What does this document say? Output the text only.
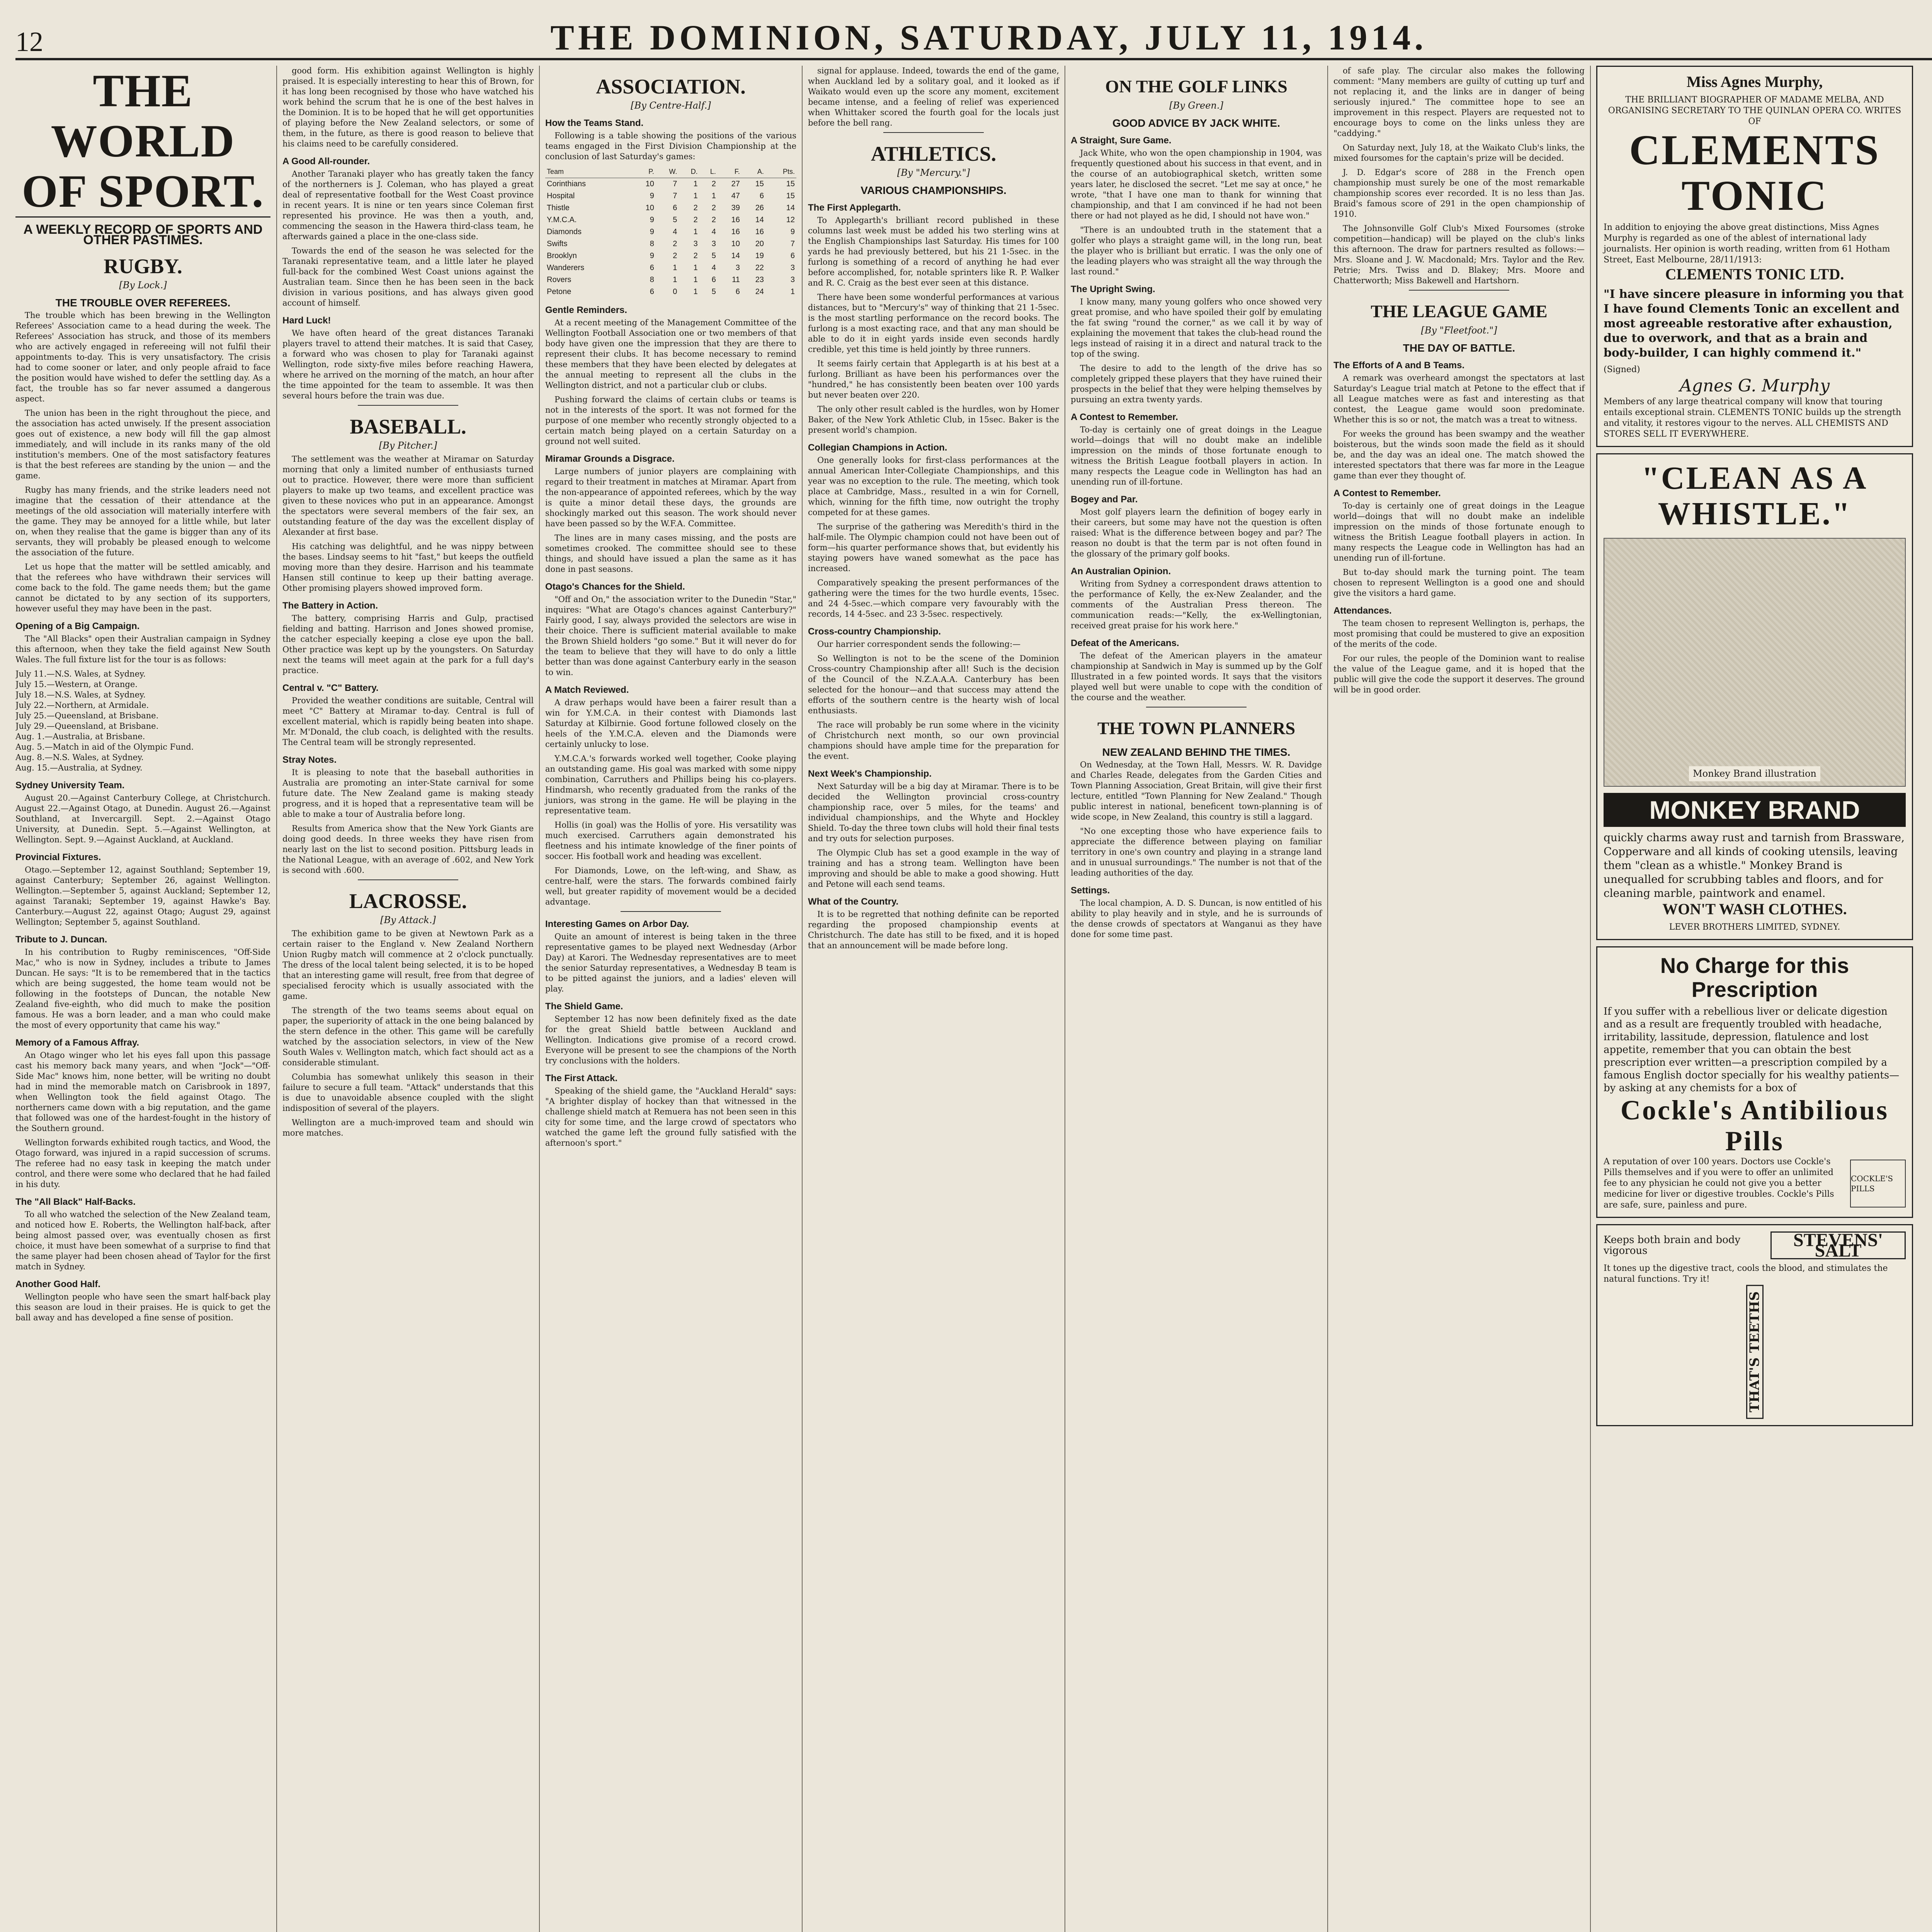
12	THE DOMINION, SATURDAY, JULY 11, 1914.
THE WORLD OF SPORT.
A WEEKLY RECORD OF SPORTS AND OTHER PASTIMES.
RUGBY.
[By Lock.]
THE TROUBLE OVER REFEREES.

The trouble which has been brewing in the Wellington Referees' Association came to a head during the week. The Referees' Association has struck, and those of its members who are actively engaged in refereeing will not fulfil their appointments to-day. This is very unsatisfactory. The crisis had to come sooner or later, and only people afraid to face the position would have wished to defer the settling day. As a fact, the trouble has so far never assumed a dangerous aspect.

The union has been in the right throughout the piece, and the association has acted unwisely. If the present association goes out of existence, a new body will fill the gap almost immediately, and will include in its ranks many of the old institution's members. One of the most satisfactory features is that the best referees are standing by the union — and the game.

Rugby has many friends, and the strike leaders need not imagine that the cessation of their attendance at the meetings of the old association will materially interfere with the game. They may be annoyed for a little while, but later on, when they realise that the game is bigger than any of its servants, they will probably be pleased enough to welcome the association of the future.

Let us hope that the matter will be settled amicably, and that the referees who have withdrawn their services will come back to the fold. The game needs them; but the game cannot be dictated to by any section of its supporters, however useful they may have been in the past.

Opening of a Big Campaign.

The "All Blacks" open their Australian campaign in Sydney this afternoon, when they take the field against New South Wales. The full fixture list for the tour is as follows:

July 11.—N.S. Wales, at Sydney.
July 15.—Western, at Orange.
July 18.—N.S. Wales, at Sydney.
July 22.—Northern, at Armidale.
July 25.—Queensland, at Brisbane.
July 29.—Queensland, at Brisbane.
Aug. 1.—Australia, at Brisbane.
Aug. 5.—Match in aid of the Olympic Fund.
Aug. 8.—N.S. Wales, at Sydney.
Aug. 15.—Australia, at Sydney.
Sydney University Team.

August 20.—Against Canterbury College, at Christchurch. August 22.—Against Otago, at Dunedin. August 26.—Against Southland, at Invercargill. Sept. 2.—Against Otago University, at Dunedin. Sept. 5.—Against Wellington, at Wellington. Sept. 9.—Against Auckland, at Auckland.

Provincial Fixtures.

Otago.—September 12, against Southland; September 19, against Canterbury; September 26, against Wellington. Wellington.—September 5, against Auckland; September 12, against Taranaki; September 19, against Hawke's Bay. Canterbury.—August 22, against Otago; August 29, against Wellington; September 5, against Southland.

Tribute to J. Duncan.

In his contribution to Rugby reminiscences, "Off-Side Mac," who is now in Sydney, includes a tribute to James Duncan. He says: "It is to be remembered that in the tactics which are being suggested, the home team would not be following in the footsteps of Duncan, the notable New Zealand five-eighth, who did much to make the position famous. He was a born leader, and a man who could make the most of every opportunity that came his way."

Memory of a Famous Affray.

An Otago winger who let his eyes fall upon this passage cast his memory back many years, and when "Jock"—"Off-Side Mac" knows him, none better, will be writing no doubt had in mind the memorable match on Carisbrook in 1897, when Wellington took the field against Otago. The northerners came down with a big reputation, and the game that followed was one of the hardest-fought in the history of the Southern ground.

Wellington forwards exhibited rough tactics, and Wood, the Otago forward, was injured in a rapid succession of scrums. The referee had no easy task in keeping the match under control, and there were some who declared that he had failed in his duty.

The "All Black" Half-Backs.

To all who watched the selection of the New Zealand team, and noticed how E. Roberts, the Wellington half-back, after being almost passed over, was eventually chosen as first choice, it must have been somewhat of a surprise to find that the same player had been chosen ahead of Taylor for the first match in Sydney.

Another Good Half.

Wellington people who have seen the smart half-back play this season are loud in their praises. He is quick to get the ball away and has developed a fine sense of position.

good form. His exhibition against Wellington is highly praised. It is especially interesting to hear this of Brown, for it has long been recognised by those who have watched his work behind the scrum that he is one of the best halves in the Dominion. It is to be hoped that he will get opportunities of playing before the New Zealand selectors, or some of them, in the future, as there is good reason to believe that his claims need to be carefully considered.

A Good All-rounder.

Another Taranaki player who has greatly taken the fancy of the northerners is J. Coleman, who has played a great deal of representative football for the West Coast province in recent years. It is nine or ten years since Coleman first represented his province. He was then a youth, and, commencing the season in the Hawera third-class team, he afterwards gained a place in the one-class side.

Towards the end of the season he was selected for the Taranaki representative team, and a little later he played full-back for the combined West Coast unions against the Australian team. Since then he has been seen in the back division in various positions, and has always given good account of himself.

Hard Luck!

We have often heard of the great distances Taranaki players travel to attend their matches. It is said that Casey, a forward who was chosen to play for Taranaki against Wellington, rode sixty-five miles before reaching Hawera, where he arrived on the morning of the match, an hour after the time appointed for the team to assemble. It was then several hours before the train was due.

BASEBALL.
[By Pitcher.]

The settlement was the weather at Miramar on Saturday morning that only a limited number of enthusiasts turned out to practice. However, there were more than sufficient players to make up two teams, and excellent practice was given to these novices who put in an appearance. Amongst the spectators were several members of the fair sex, an outstanding feature of the day was the excellent display of Alexander at first base.

His catching was delightful, and he was nippy between the bases. Lindsay seems to hit "fast," but keeps the outfield moving more than they desire. Harrison and his teammate Hansen still continue to keep up their batting average. Other promising players showed improved form.

The Battery in Action.

The battery, comprising Harris and Gulp, practised fielding and batting. Harrison and Jones showed promise, the catcher especially keeping a close eye upon the ball. Other practice was kept up by the youngsters. On Saturday next the teams will meet again at the park for a full day's practice.

Central v. "C" Battery.

Provided the weather conditions are suitable, Central will meet "C" Battery at Miramar to-day. Central is full of excellent material, which is rapidly being beaten into shape. Mr. M'Donald, the club coach, is delighted with the results. The Central team will be strongly represented.

Stray Notes.

It is pleasing to note that the baseball authorities in Australia are promoting an inter-State carnival for some future date. The New Zealand game is making steady progress, and it is hoped that a representative team will be able to make a tour of Australia before long.

Results from America show that the New York Giants are doing good deeds. In three weeks they have risen from nearly last on the list to second position. Pittsburg leads in the National League, with an average of .602, and New York is second with .600.

LACROSSE.
[By Attack.]

The exhibition game to be given at Newtown Park as a certain raiser to the England v. New Zealand Northern Union Rugby match will commence at 2 o'clock punctually. The dress of the local talent being selected, it is to be hoped that an interesting game will result, free from that degree of specialised ferocity which is usually associated with the game.

The strength of the two teams seems about equal on paper, the superiority of attack in the one being balanced by the stern defence in the other. This game will be carefully watched by the association selectors, in view of the New South Wales v. Wellington match, which fact should act as a considerable stimulant.

Columbia has somewhat unlikely this season in their failure to secure a full team. "Attack" understands that this is due to unavoidable absence coupled with the slight indisposition of several of the players.

Wellington are a much-improved team and should win more matches.

ASSOCIATION.
[By Centre-Half.]
How the Teams Stand.

Following is a table showing the positions of the various teams engaged in the First Division Championship at the conclusion of last Saturday's games:

Team	P.	W.	D.	L.	F.	A.	Pts.
Corinthians	10	7	1	2	27	15	15
Hospital	9	7	1	1	47	6	15
Thistle	10	6	2	2	39	26	14
Y.M.C.A.	9	5	2	2	16	14	12
Diamonds	9	4	1	4	16	16	9
Swifts	8	2	3	3	10	20	7
Brooklyn	9	2	2	5	14	19	6
Wanderers	6	1	1	4	3	22	3
Rovers	8	1	1	6	11	23	3
Petone	6	0	1	5	6	24	1
Gentle Reminders.

At a recent meeting of the Management Committee of the Wellington Football Association one or two members of that body have given one the impression that they are there to represent their clubs. It has become necessary to remind these members that they have been elected by delegates at the annual meeting to represent all the clubs in the Wellington district, and not a particular club or clubs.

Pushing forward the claims of certain clubs or teams is not in the interests of the sport. It was not formed for the purpose of one member who recently strongly objected to a certain match being played on a certain Saturday on a ground not well suited.

Miramar Grounds a Disgrace.

Large numbers of junior players are complaining with regard to their treatment in matches at Miramar. Apart from the non-appearance of appointed referees, which by the way is quite a minor detail these days, the grounds are shockingly marked out this season. The work should never have been passed so by the W.F.A. Committee.

The lines are in many cases missing, and the posts are sometimes crooked. The committee should see to these things, and should have issued a plan the same as it has done in past seasons.

Otago's Chances for the Shield.

"Off and On," the association writer to the Dunedin "Star," inquires: "What are Otago's chances against Canterbury?" Fairly good, I say, always provided the selectors are wise in their choice. There is sufficient material available to make the Brown Shield holders "go some." But it will never do for the team to believe that they will have to do only a little better than was done against Canterbury early in the season to win.

A Match Reviewed.

A draw perhaps would have been a fairer result than a win for Y.M.C.A. in their contest with Diamonds last Saturday at Kilbirnie. Good fortune followed closely on the heels of the Y.M.C.A. eleven and the Diamonds were certainly unlucky to lose.

Y.M.C.A.'s forwards worked well together, Cooke playing an outstanding game. His goal was marked with some nippy combination, Carruthers and Phillips being his co-players. Hindmarsh, who recently graduated from the ranks of the juniors, was strong in the game. He will be playing in the representative team.

Hollis (in goal) was the Hollis of yore. His versatility was much exercised. Carruthers again demonstrated his fleetness and his intimate knowledge of the finer points of soccer. His football work and heading was excellent.

For Diamonds, Lowe, on the left-wing, and Shaw, as centre-half, were the stars. The forwards combined fairly well, but greater rapidity of movement would be a decided advantage.

Interesting Games on Arbor Day.

Quite an amount of interest is being taken in the three representative games to be played next Wednesday (Arbor Day) at Karori. The Wednesday representatives are to meet the senior Saturday representatives, a Wednesday B team is to be pitted against the juniors, and a ladies' eleven will play.

The Shield Game.

September 12 has now been definitely fixed as the date for the great Shield battle between Auckland and Wellington. Indications give promise of a record crowd. Everyone will be present to see the champions of the North try conclusions with the holders.

The First Attack.

Speaking of the shield game, the "Auckland Herald" says: "A brighter display of hockey than that witnessed in the challenge shield match at Remuera has not been seen in this city for some time, and the large crowd of spectators who watched the game left the ground fully satisfied with the afternoon's sport."

signal for applause. Indeed, towards the end of the game, when Auckland led by a solitary goal, and it looked as if Waikato would even up the score any moment, excitement became intense, and a feeling of relief was experienced when Whittaker scored the fourth goal for the locals just before the bell rang.

ATHLETICS.
[By "Mercury."]
VARIOUS CHAMPIONSHIPS.
The First Applegarth.

To Applegarth's brilliant record published in these columns last week must be added his two sterling wins at the English Championships last Saturday. His times for 100 yards he had previously bettered, but his 21 1-5sec. in the furlong is something of a record of anything he had ever before accomplished, for, notable sprinters like R. P. Walker and R. C. Craig as the best ever seen at this distance.

There have been some wonderful performances at various distances, but to "Mercury's" way of thinking that 21 1-5sec. is the most startling performance on the record books. The furlong is a most exacting race, and that any man should be able to do it in eight yards inside even seconds hardly credible, yet this time is held jointly by three runners.

It seems fairly certain that Applegarth is at his best at a furlong. Brilliant as have been his performances over the "hundred," he has consistently been beaten over 100 yards but never beaten over 220.

The only other result cabled is the hurdles, won by Homer Baker, of the New York Athletic Club, in 15sec. Baker is the present world's champion.

Collegian Champions in Action.

One generally looks for first-class performances at the annual American Inter-Collegiate Championships, and this year was no exception to the rule. The meeting, which took place at Cambridge, Mass., resulted in a win for Cornell, which, winning for the fifth time, now outright the trophy competed for at these games.

The surprise of the gathering was Meredith's third in the half-mile. The Olympic champion could not have been out of form—his quarter performance shows that, but evidently his staying powers have waned somewhat as the pace has increased.

Comparatively speaking the present performances of the gathering were the times for the two hurdle events, 15sec. and 24 4-5sec.—which compare very favourably with the records, 14 4-5sec. and 23 3-5sec. respectively.

Cross-country Championship.

Our harrier correspondent sends the following:—

So Wellington is not to be the scene of the Dominion Cross-country Championship after all! Such is the decision of the Council of the N.Z.A.A.A. Canterbury has been selected for the honour—and that success may attend the efforts of the southern centre is the hearty wish of local enthusiasts.

The race will probably be run some where in the vicinity of Christchurch next month, so our own provincial champions should have ample time for the preparation for the event.

Next Week's Championship.

Next Saturday will be a big day at Miramar. There is to be decided the Wellington provincial cross-country championship race, over 5 miles, for the teams' and individual championships, and the Whyte and Hockley Shield. To-day the three town clubs will hold their final tests and try outs for selection purposes.

The Olympic Club has set a good example in the way of training and has a strong team. Wellington have been improving and should be able to make a good showing. Hutt and Petone will each send teams.

What of the Country.

It is to be regretted that nothing definite can be reported regarding the proposed championship events at Christchurch. The date has still to be fixed, and it is hoped that an announcement will be made before long.

ON THE GOLF LINKS
[By Green.]
GOOD ADVICE BY JACK WHITE.
A Straight, Sure Game.

Jack White, who won the open championship in 1904, was frequently questioned about his success in that event, and in the course of an autobiographical sketch, written some years later, he disclosed the secret. "Let me say at once," he wrote, "that I have one man to thank for winning that championship, and that I am convinced if he had not been there or had not played as he did, I should not have won."

"There is an undoubted truth in the statement that a golfer who plays a straight game will, in the long run, beat the player who is brilliant but erratic. I was the only one of the leading players who was straight all the way through the last round."

The Upright Swing.

I know many, many young golfers who once showed very great promise, and who have spoiled their golf by emulating the fat swing "round the corner," as we call it by way of explaining the movement that takes the club-head round the legs instead of raising it in a direct and natural track to the top of the swing.

The desire to add to the length of the drive has so completely gripped these players that they have ruined their prospects in the belief that they were helping themselves by pursuing an extra twenty yards.

A Contest to Remember.

To-day is certainly one of great doings in the League world—doings that will no doubt make an indelible impression on the minds of those fortunate enough to witness the British League football players in action. In many respects the League code in Wellington has had an unending run of ill-fortune.

Bogey and Par.

Most golf players learn the definition of bogey early in their careers, but some may have not the question is often raised: What is the difference between bogey and par? The reason no doubt is that the term par is not often found in the glossary of the primary golf books.

An Australian Opinion.

Writing from Sydney a correspondent draws attention to the performance of Kelly, the ex-New Zealander, and the comments of the Australian Press thereon. The communication reads:—"Kelly, the ex-Wellingtonian, received great praise for his work here."

Defeat of the Americans.

The defeat of the American players in the amateur championship at Sandwich in May is summed up by the Golf Illustrated in a few pointed words. It says that the visitors played well but were unable to cope with the condition of the course and the weather.

THE TOWN PLANNERS
NEW ZEALAND BEHIND THE TIMES.

On Wednesday, at the Town Hall, Messrs. W. R. Davidge and Charles Reade, delegates from the Garden Cities and Town Planning Association, Great Britain, will give their first lecture, entitled "Town Planning for New Zealand." Though public interest in national, beneficent town-planning is of wide scope, in New Zealand, this country is still a laggard.

"No one excepting those who have experience fails to appreciate the difference between playing on familiar territory in one's own country and playing in a strange land and in unusual surroundings." The number is not that of the leading authorities of the day.

Settings.

The local champion, A. D. S. Duncan, is now entitled of his ability to play heavily and in style, and he is surrounds of the dense crowds of spectators at Wanganui as they have done for some time past.

of safe play. The circular also makes the following comment: "Many members are guilty of cutting up turf and not replacing it, and the links are in danger of being seriously injured." The committee hope to see an improvement in this respect. Players are requested not to encourage boys to come on the links unless they are "caddying."

On Saturday next, July 18, at the Waikato Club's links, the mixed foursomes for the captain's prize will be decided.

J. D. Edgar's score of 288 in the French open championship must surely be one of the most remarkable championship scores ever recorded. It is no less than Jas. Braid's famous score of 291 in the open championship of 1910.

The Johnsonville Golf Club's Mixed Foursomes (stroke competition—handicap) will be played on the club's links this afternoon. The draw for partners resulted as follows:—Mrs. Sloane and J. W. Macdonald; Mrs. Taylor and the Rev. Petrie; Mrs. Twiss and D. Blakey; Mrs. Moore and Chatterworth; Miss Bakewell and Hartshorn.

THE LEAGUE GAME
[By "Fleetfoot."]
THE DAY OF BATTLE.
The Efforts of A and B Teams.

A remark was overheard amongst the spectators at last Saturday's League trial match at Petone to the effect that if all League matches were as fast and interesting as that contest, the League game would soon predominate. Whether this is so or not, the match was a treat to witness.

For weeks the ground has been swampy and the weather boisterous, but the winds soon made the field as it should be, and the day was an ideal one. The match showed the interested spectators that there was far more in the League game than ever they thought of.

A Contest to Remember.

To-day is certainly one of great doings in the League world—doings that will no doubt make an indelible impression on the minds of those fortunate enough to witness the British League football players in action. In many respects the League code in Wellington has had an unending run of ill-fortune.

But to-day should mark the turning point. The team chosen to represent Wellington is a good one and should give the visitors a hard game.

Attendances.

The team chosen to represent Wellington is, perhaps, the most promising that could be mustered to give an exposition of the merits of the code.

For our rules, the people of the Dominion want to realise the value of the League game, and it is hoped that the public will give the code the support it deserves. The ground will be in good order.

Miss Agnes Murphy,
THE BRILLIANT BIOGRAPHER OF MADAME MELBA, AND ORGANISING SECRETARY TO THE QUINLAN OPERA CO. WRITES OF
CLEMENTS TONIC
In addition to enjoying the above great distinctions, Miss Agnes Murphy is regarded as one of the ablest of international lady journalists. Her opinion is worth reading, written from 61 Hotham Street, East Melbourne, 28/11/1913:
CLEMENTS TONIC LTD.
"I have sincere pleasure in informing you that I have found Clements Tonic an excellent and most agreeable restorative after exhaustion, due to overwork, and that as a brain and body-builder, I can highly commend it."
(Signed)
Agnes G. Murphy
Members of any large theatrical company will know that touring entails exceptional strain. CLEMENTS TONIC builds up the strength and vitality, it restores vigour to the nerves. ALL CHEMISTS AND STORES SELL IT EVERYWHERE.
"CLEAN AS A WHISTLE."
Monkey Brand illustration
MONKEY BRAND
quickly charms away rust and tarnish from Brassware, Copperware and all kinds of cooking utensils, leaving them "clean as a whistle." Monkey Brand is unequalled for scrubbing tables and floors, and for cleaning marble, paintwork and enamel.
WON'T WASH CLOTHES.
LEVER BROTHERS LIMITED, SYDNEY.
No Charge for this Prescription
If you suffer with a rebellious liver or delicate digestion and as a result are frequently troubled with headache, irritability, lassitude, depression, flatulence and lost appetite, remember that you can obtain the best prescription ever written—a prescription compiled by a famous English doctor specially for his wealthy patients—by asking at any chemists for a box of
Cockle's Antibilious Pills
A reputation of over 100 years. Doctors use Cockle's Pills themselves and if you were to offer an unlimited fee to any physician he could not give you a better medicine for liver or digestive troubles. Cockle's Pills are safe, sure, painless and pure.
COCKLE'S PILLS
Keeps both brain and body vigorous
STEVENS' SALT
It tones up the digestive tract, cools the blood, and stimulates the natural functions. Try it!
THAT'S TEETHS
